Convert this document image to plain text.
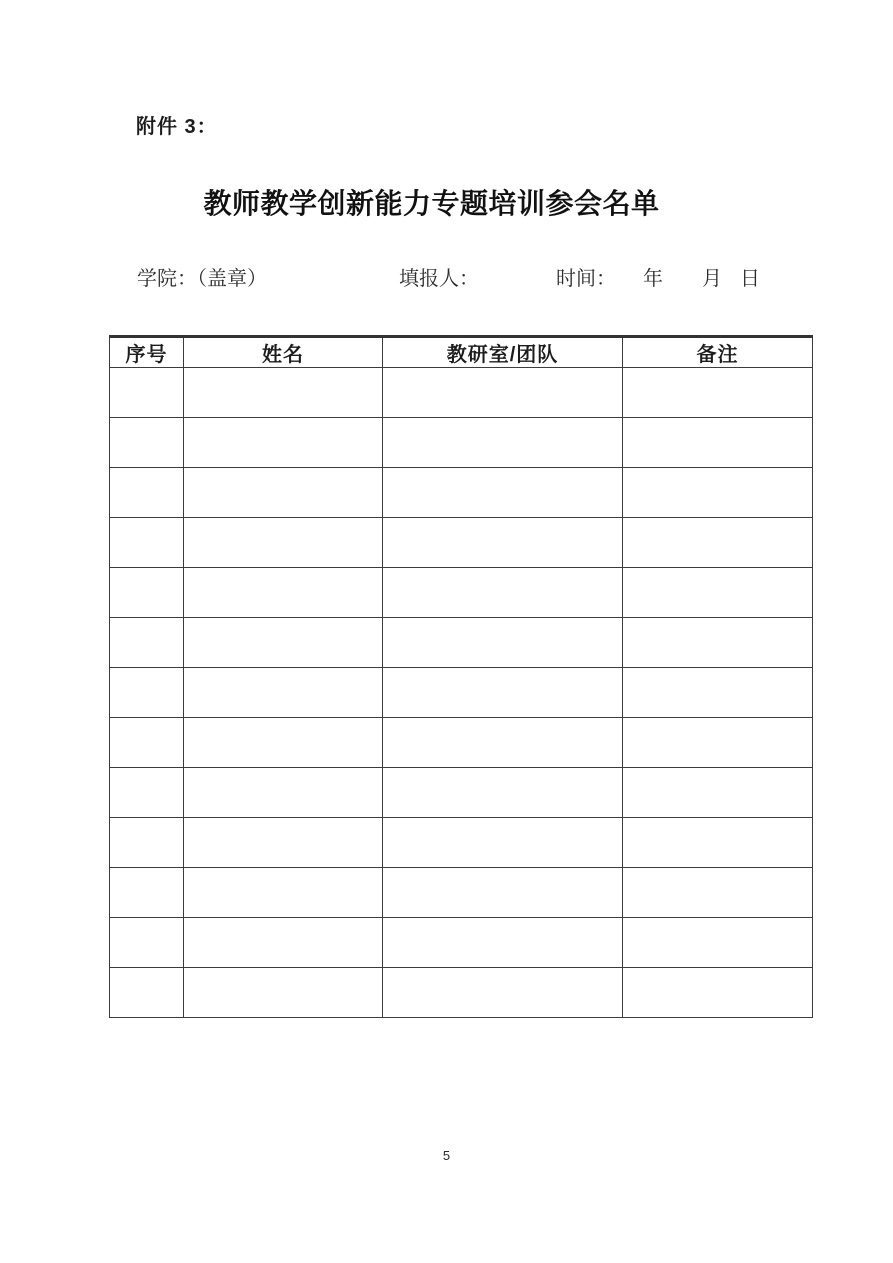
附件 3：
教师教学创新能力专题培训参会名单
学院：（盖章）	填报人：	时间： 年 月 日
序号	姓名	教研室/团队	备注

5
